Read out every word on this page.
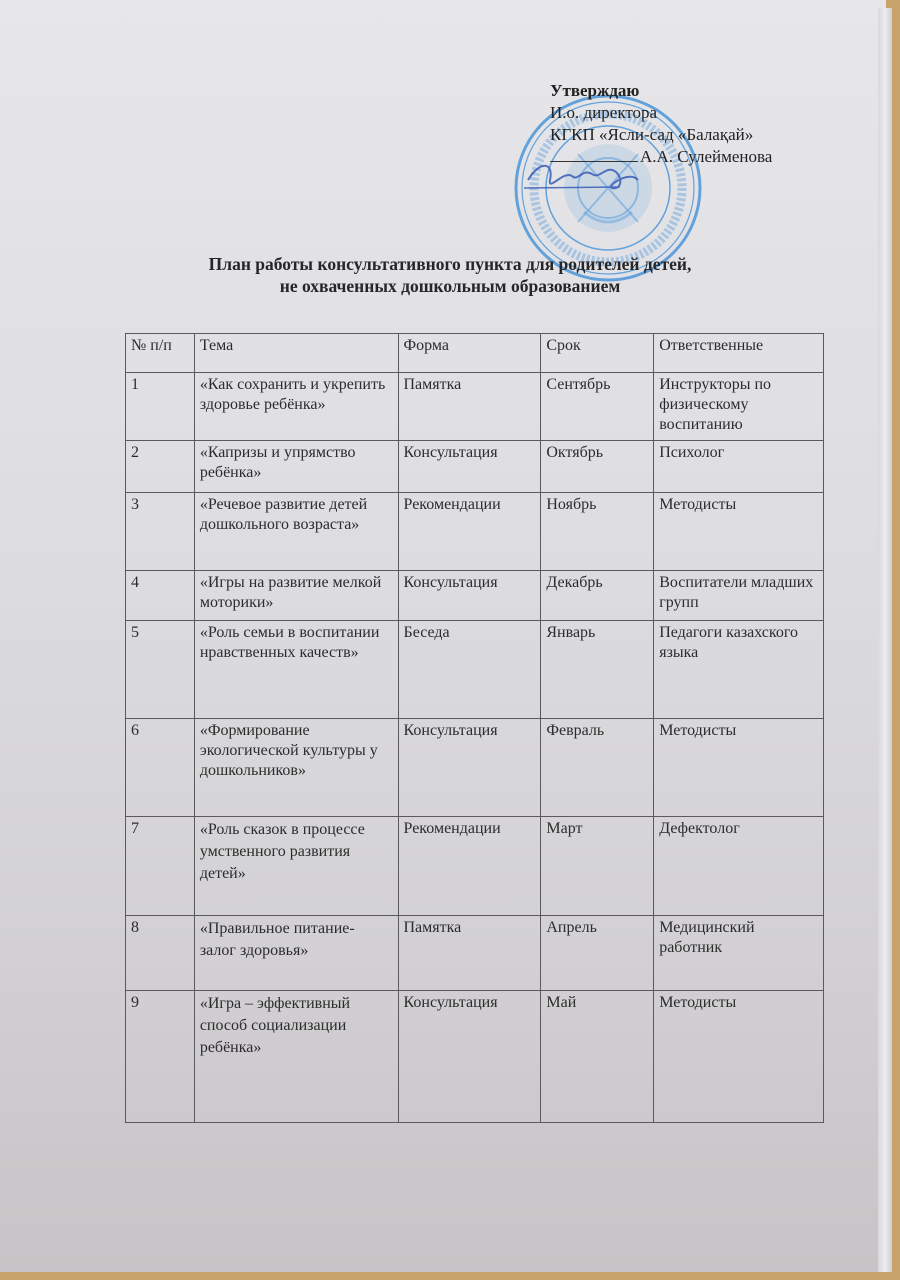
Утверждаю
И.о. директора
КГКП «Ясли-сад «Балақай»
А.А. Сулейменова
План работы консультативного пункта для родителей детей,
не охваченных дошкольным образованием
№ п/п	Тема	Форма	Срок	Ответственные
1	«Как сохранить и укрепить здоровье ребёнка»	Памятка	Сентябрь	Инструкторы по физическому воспитанию
2	«Капризы и упрямство ребёнка»	Консультация	Октябрь	Психолог
3	«Речевое развитие детей дошкольного возраста»	Рекомендации	Ноябрь	Методисты
4	«Игры на развитие мелкой моторики»	Консультация	Декабрь	Воспитатели младших групп
5	«Роль семьи в воспитании нравственных качеств»	Беседа	Январь	Педагоги казахского языка
6	«Формирование экологической культуры у дошкольников»	Консультация	Февраль	Методисты
7	«Роль сказок в процессе умственного развития детей»	Рекомендации	Март	Дефектолог
8	«Правильное питание- залог здоровья»	Памятка	Апрель	Медицинский работник
9	«Игра – эффективный способ социализации ребёнка»	Консультация	Май	Методисты
